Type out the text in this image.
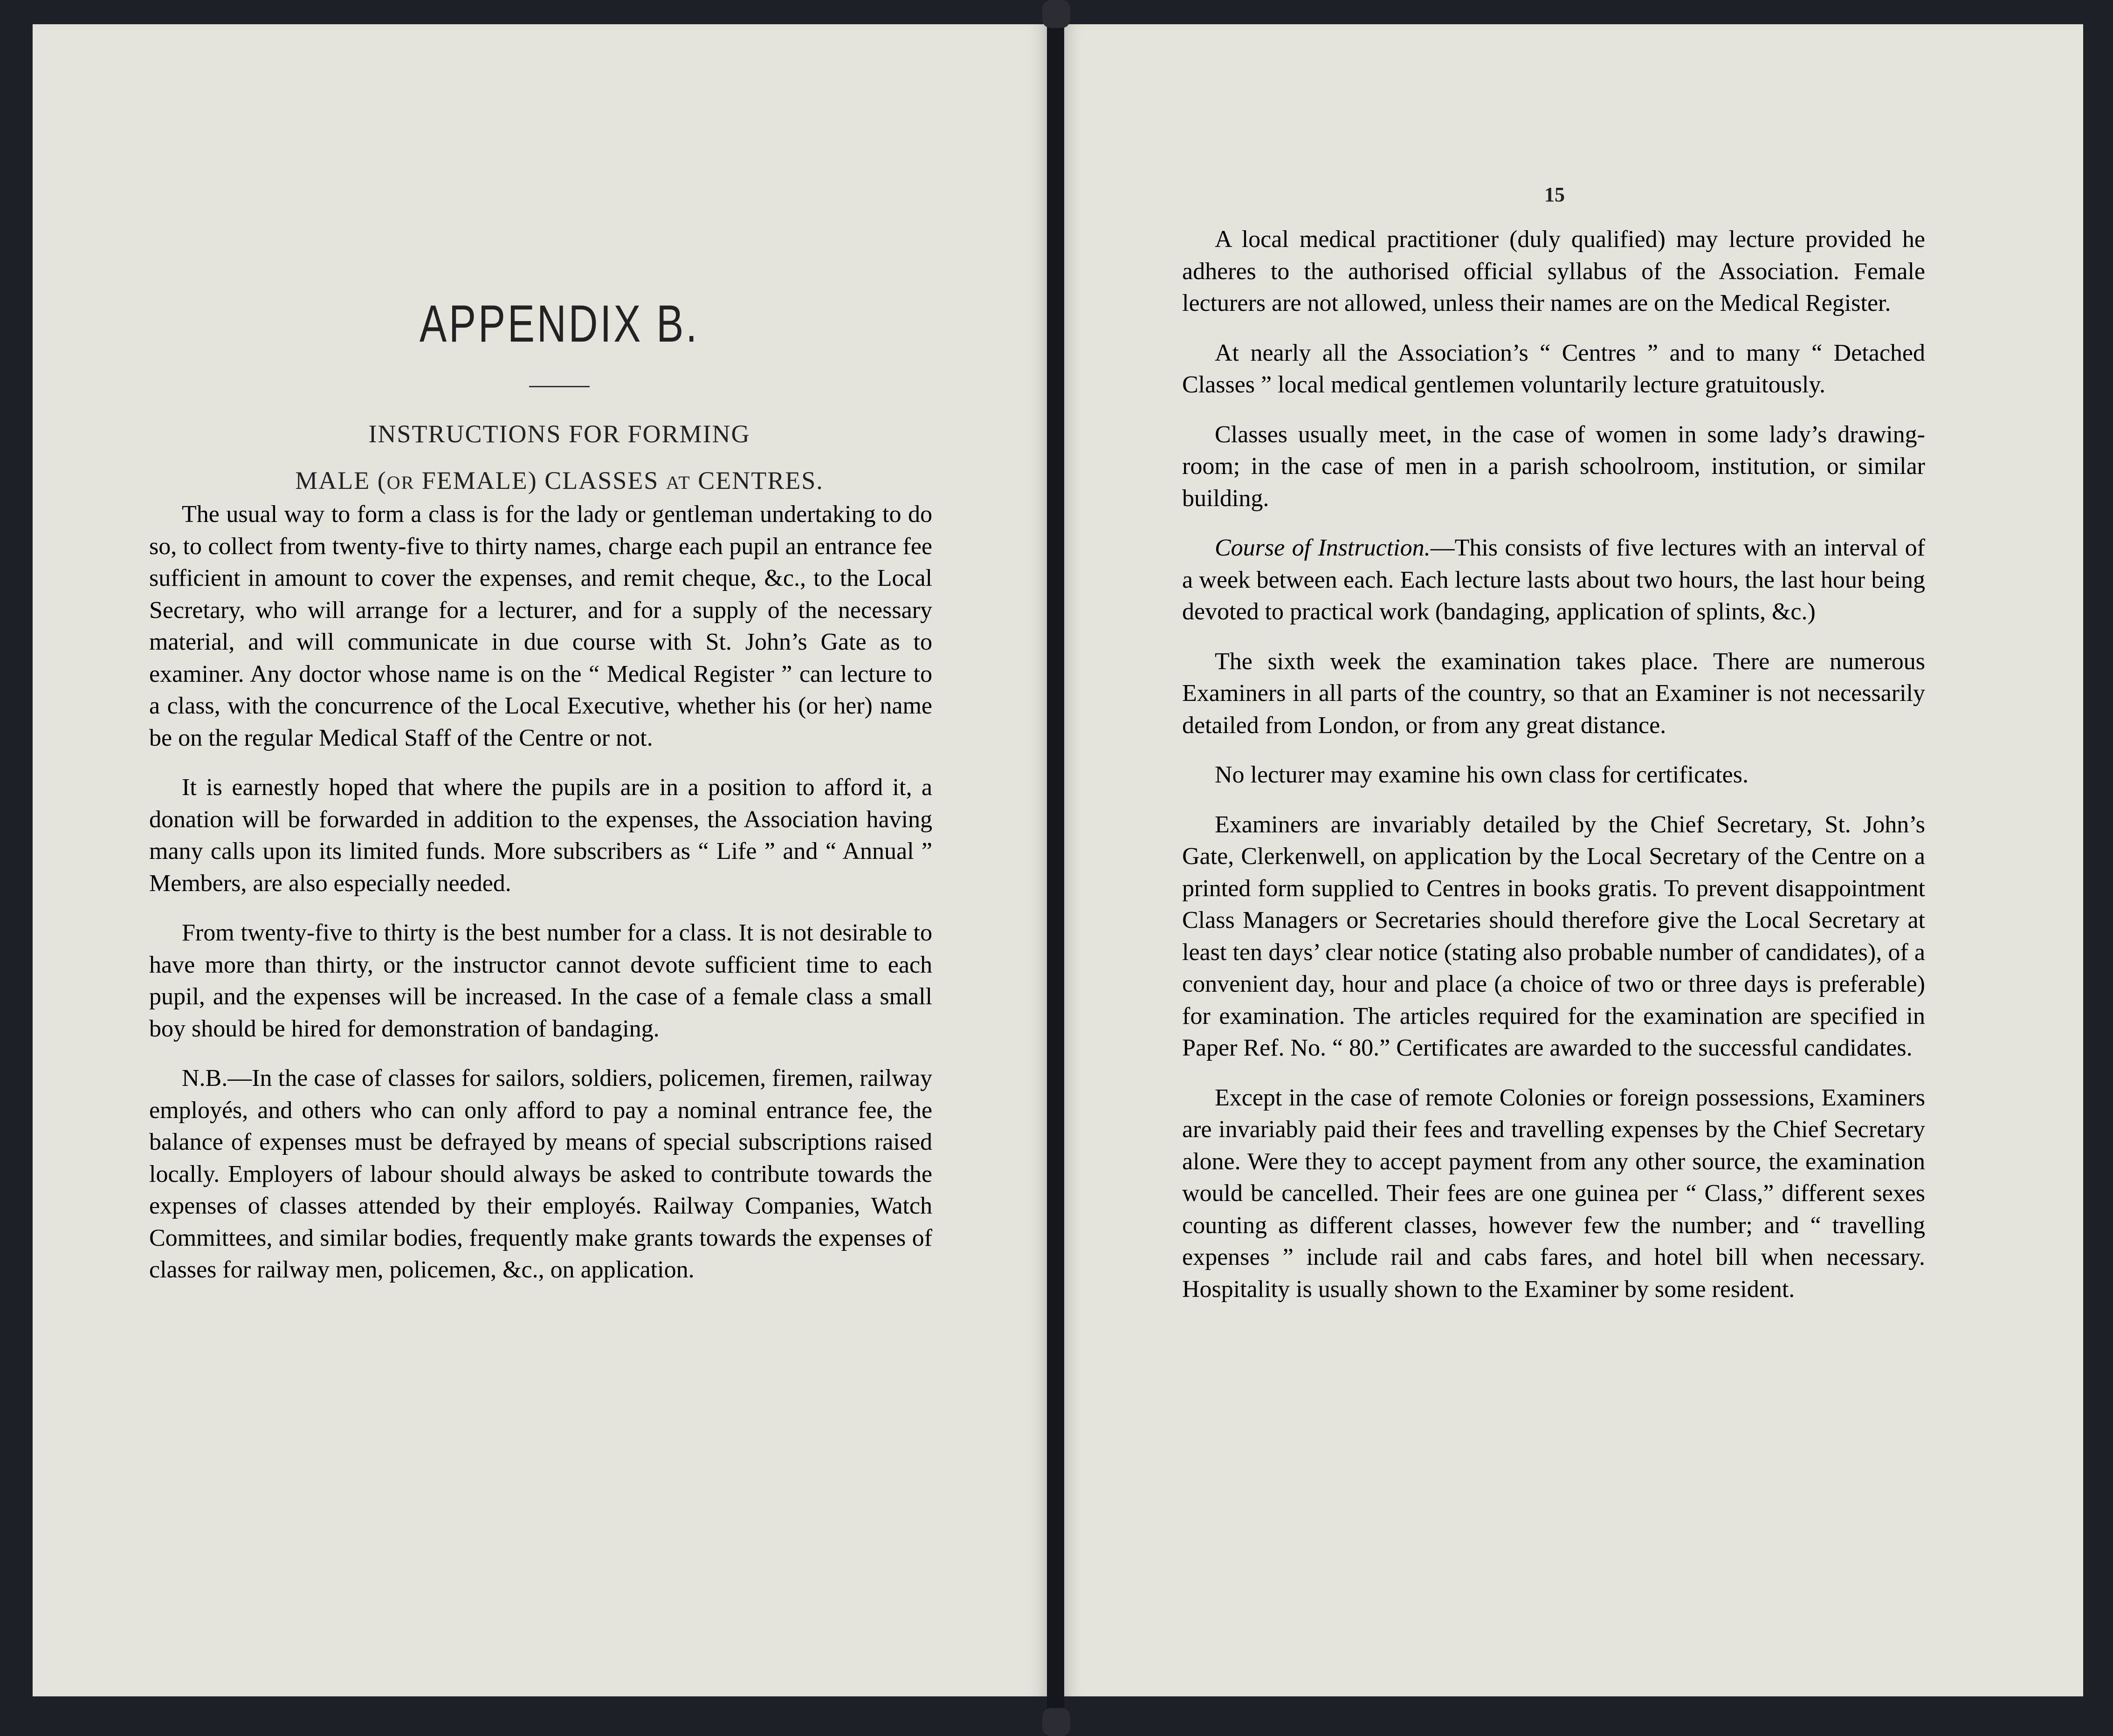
APPENDIX B.
INSTRUCTIONS FOR FORMING
MALE (OR FEMALE) CLASSES AT CENTRES.

The usual way to form a class is for the lady or gentleman undertaking to do so, to collect from twenty-five to thirty names, charge each pupil an entrance fee sufficient in amount to cover the expenses, and remit cheque, &c., to the Local Secretary, who will arrange for a lecturer, and for a supply of the necessary material, and will communicate in due course with St. John’s Gate as to examiner. Any doctor whose name is on the “ Medical Register ” can lecture to a class, with the concurrence of the Local Executive, whether his (or her) name be on the regular Medical Staff of the Centre or not.

It is earnestly hoped that where the pupils are in a position to afford it, a donation will be forwarded in addition to the expenses, the Association having many calls upon its limited funds. More subscribers as “ Life ” and “ Annual ” Members, are also especially needed.

From twenty-five to thirty is the best number for a class. It is not desirable to have more than thirty, or the instructor cannot devote sufficient time to each pupil, and the expenses will be increased. In the case of a female class a small boy should be hired for demonstration of bandaging.

N.B.—In the case of classes for sailors, soldiers, policemen, firemen, railway employés, and others who can only afford to pay a nominal entrance fee, the balance of expenses must be defrayed by means of special subscriptions raised locally. Employers of labour should always be asked to contribute towards the expenses of classes attended by their employés. Railway Companies, Watch Committees, and similar bodies, frequently make grants towards the expenses of classes for railway men, policemen, &c., on application.

15

A local medical practitioner (duly qualified) may lecture provided he adheres to the authorised official syllabus of the Association. Female lecturers are not allowed, unless their names are on the Medical Register.

At nearly all the Association’s “ Centres ” and to many “ Detached Classes ” local medical gentlemen voluntarily lecture gratuitously.

Classes usually meet, in the case of women in some lady’s drawing-room; in the case of men in a parish schoolroom, institution, or similar building.

Course of Instruction.—This consists of five lectures with an interval of a week between each. Each lecture lasts about two hours, the last hour being devoted to practical work (bandaging, application of splints, &c.)

The sixth week the examination takes place. There are numerous Examiners in all parts of the country, so that an Examiner is not necessarily detailed from London, or from any great distance.

No lecturer may examine his own class for certificates.

Examiners are invariably detailed by the Chief Secretary, St. John’s Gate, Clerkenwell, on application by the Local Secretary of the Centre on a printed form supplied to Centres in books gratis. To prevent disappointment Class Managers or Secretaries should therefore give the Local Secretary at least ten days’ clear notice (stating also probable number of candidates), of a convenient day, hour and place (a choice of two or three days is preferable) for examination. The articles required for the examination are specified in Paper Ref. No. “ 80.” Certificates are awarded to the successful candidates.

Except in the case of remote Colonies or foreign possessions, Examiners are invariably paid their fees and travelling expenses by the Chief Secretary alone. Were they to accept payment from any other source, the examination would be cancelled. Their fees are one guinea per “ Class,” different sexes counting as different classes, however few the number; and “ travelling expenses ” include rail and cabs fares, and hotel bill when necessary. Hospitality is usually shown to the Examiner by some resident.
